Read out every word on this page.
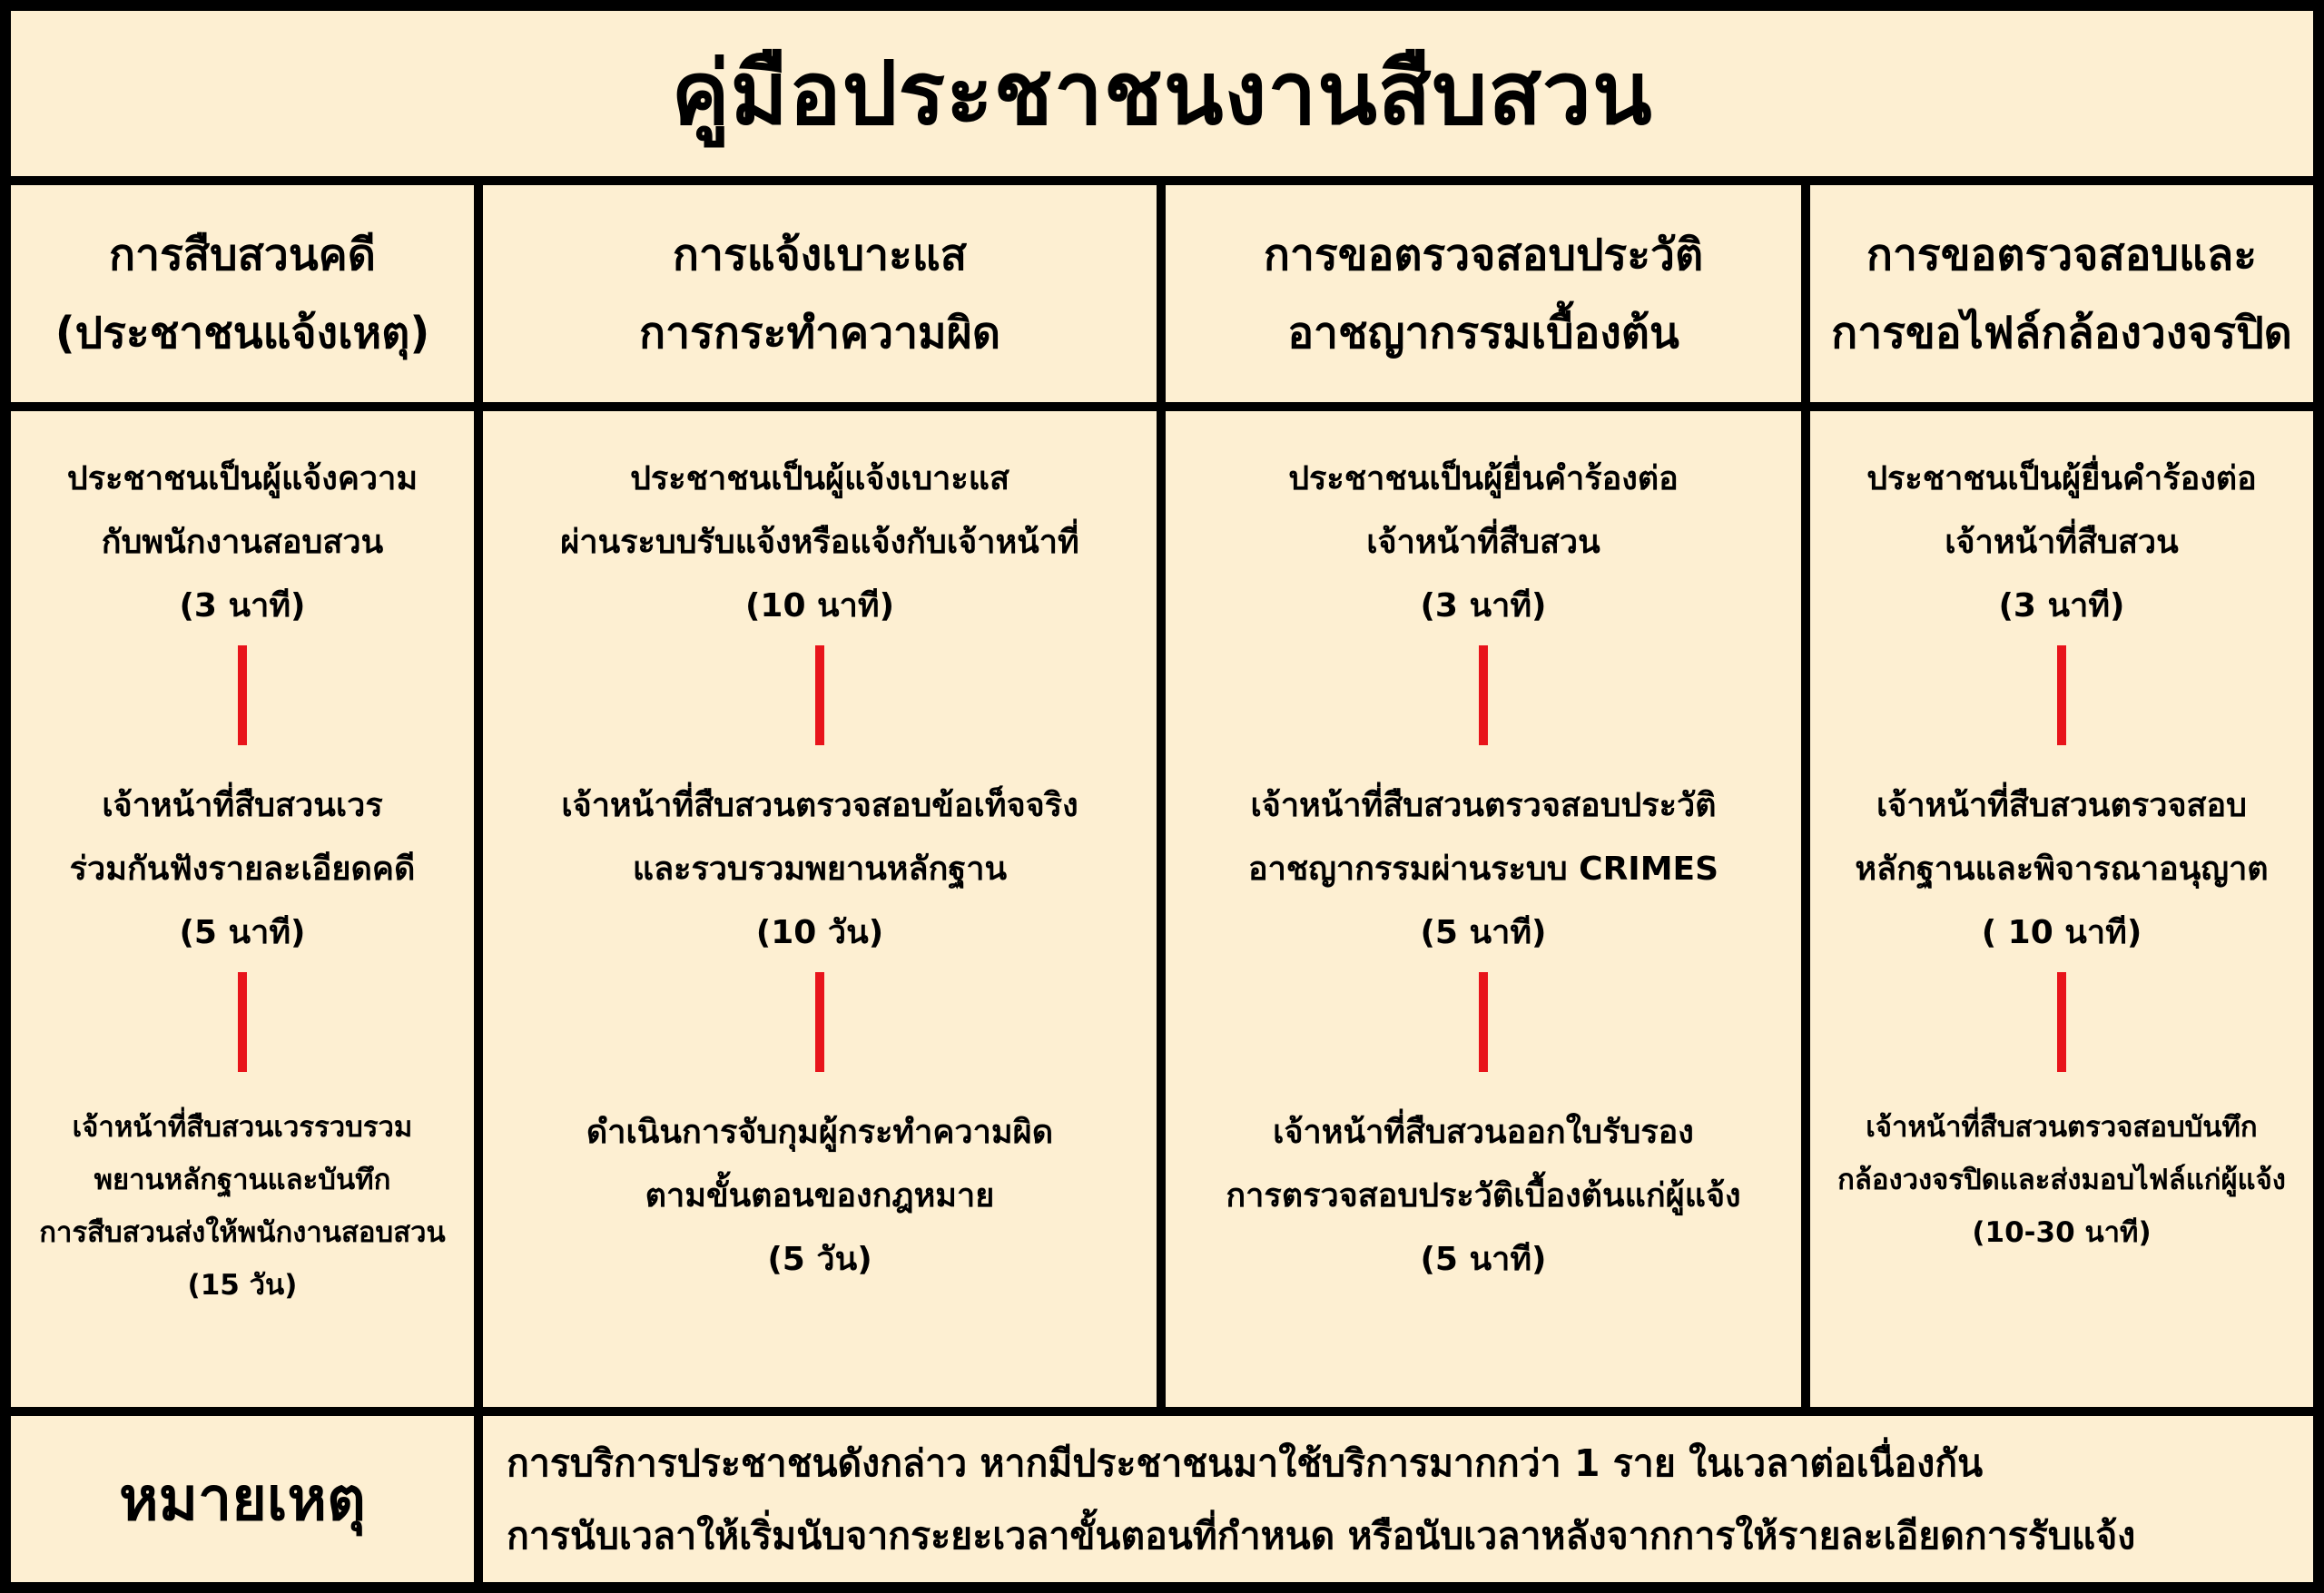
คู่มือประชาชนงานสืบสวน
การสืบสวนคดี
(ประชาชนแจ้งเหตุ)
ประชาชนเป็นผู้แจ้งความ
กับพนักงานสอบสวน
(3 นาที)
เจ้าหน้าที่สืบสวนเวร
ร่วมกันฟังรายละเอียดคดี
(5 นาที)
เจ้าหน้าที่สืบสวนเวรรวบรวม
พยานหลักฐานและบันทึก
การสืบสวนส่งให้พนักงานสอบสวน
(15 วัน)
การแจ้งเบาะแส
การกระทำความผิด
ประชาชนเป็นผู้แจ้งเบาะแส
ผ่านระบบรับแจ้งหรือแจ้งกับเจ้าหน้าที่
(10 นาที)
เจ้าหน้าที่สืบสวนตรวจสอบข้อเท็จจริง
และรวบรวมพยานหลักฐาน
(10 วัน)
ดำเนินการจับกุมผู้กระทำความผิด
ตามขั้นตอนของกฎหมาย
(5 วัน)
การขอตรวจสอบประวัติ
อาชญากรรมเบื้องต้น
ประชาชนเป็นผู้ยื่นคำร้องต่อ
เจ้าหน้าที่สืบสวน
(3 นาที)
เจ้าหน้าที่สืบสวนตรวจสอบประวัติ
อาชญากรรมผ่านระบบ CRIMES
(5 นาที)
เจ้าหน้าที่สืบสวนออกใบรับรอง
การตรวจสอบประวัติเบื้องต้นแก่ผู้แจ้ง
(5 นาที)
การขอตรวจสอบและ
การขอไฟล์กล้องวงจรปิด
ประชาชนเป็นผู้ยื่นคำร้องต่อ
เจ้าหน้าที่สืบสวน
(3 นาที)
เจ้าหน้าที่สืบสวนตรวจสอบ
หลักฐานและพิจารณาอนุญาต
( 10 นาที)
เจ้าหน้าที่สืบสวนตรวจสอบบันทึก
กล้องวงจรปิดและส่งมอบไฟล์แก่ผู้แจ้ง
(10-30 นาที)
หมายเหตุ
การบริการประชาชนดังกล่าว หากมีประชาชนมาใช้บริการมากกว่า 1 ราย ในเวลาต่อเนื่องกัน
การนับเวลาให้เริ่มนับจากระยะเวลาขั้นตอนที่กำหนด หรือนับเวลาหลังจากการให้รายละเอียดการรับแจ้ง
